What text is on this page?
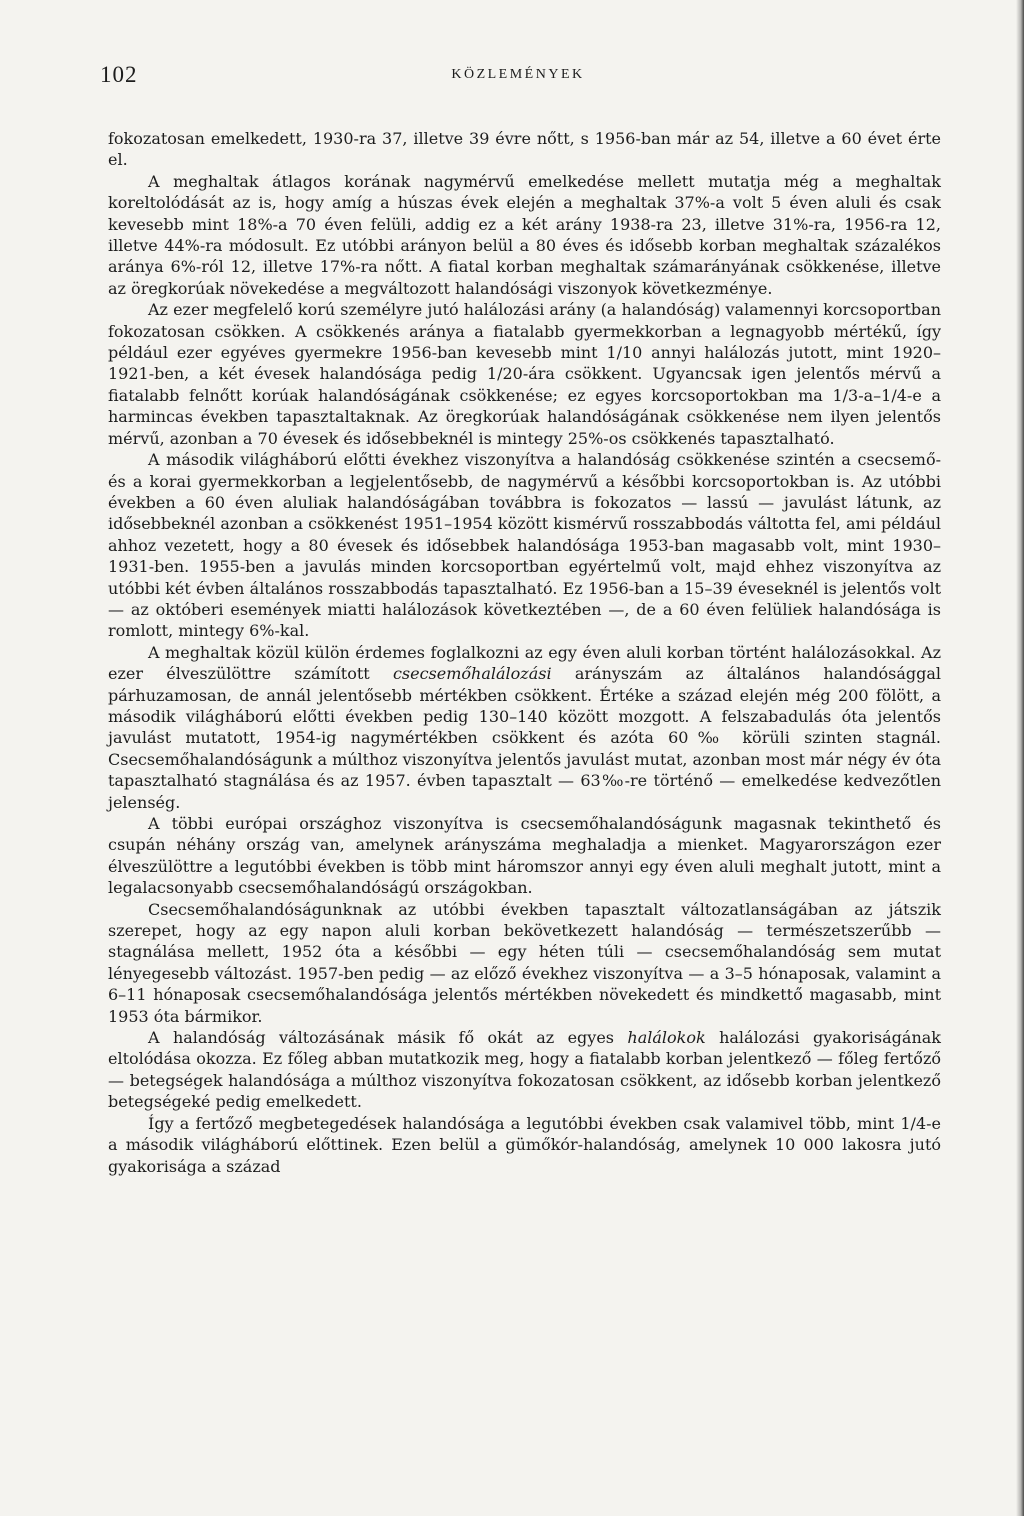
102	KÖZLEMÉNYEK

fokozatosan emelkedett, 1930-ra 37, illetve 39 évre nőtt, s 1956-ban már az 54, illetve a 60 évet érte el.

A meghaltak átlagos korának nagymérvű emelkedése mellett mutatja még a meghaltak koreltolódását az is, hogy amíg a húszas évek elején a meghaltak 37%-a volt 5 éven aluli és csak kevesebb mint 18%-a 70 éven felüli, addig ez a két arány 1938-ra 23, illetve 31%-ra, 1956-ra 12, illetve 44%-ra módosult. Ez utóbbi arányon belül a 80 éves és idősebb korban meghaltak százalékos aránya 6%-ról 12, illetve 17%-ra nőtt. A fiatal korban meghaltak számarányának csökkenése, illetve az öregkorúak növekedése a megváltozott halandósági viszonyok következménye.

Az ezer megfelelő korú személyre jutó halálozási arány (a halandóság) valamennyi korcsoportban fokozatosan csökken. A csökkenés aránya a fiatalabb gyermekkorban a legnagyobb mértékű, így például ezer egyéves gyermekre 1956-ban kevesebb mint 1/10 annyi halálozás jutott, mint 1920–1921-ben, a két évesek halandósága pedig 1/20-ára csökkent. Ugyancsak igen jelentős mérvű a fiatalabb felnőtt korúak halandóságának csökkenése; ez egyes korcsoportokban ma 1/3-a–1/4-e a harmincas években tapasztaltaknak. Az öregkorúak halandóságának csökkenése nem ilyen jelentős mérvű, azonban a 70 évesek és idősebbeknél is mintegy 25%-os csökkenés tapasztalható.

A második világháború előtti évekhez viszonyítva a halandóság csökkenése szintén a csecsemő- és a korai gyermekkorban a legjelentősebb, de nagymérvű a későbbi korcsoportokban is. Az utóbbi években a 60 éven aluliak halandóságában továbbra is fokozatos — lassú — javulást látunk, az idősebbeknél azonban a csökkenést 1951–1954 között kismérvű rosszabbodás váltotta fel, ami például ahhoz vezetett, hogy a 80 évesek és idősebbek halandósága 1953-ban magasabb volt, mint 1930–1931-ben. 1955-ben a javulás minden korcsoportban egyértelmű volt, majd ehhez viszonyítva az utóbbi két évben általános rosszabbodás tapasztalható. Ez 1956-ban a 15–39 éveseknél is jelentős volt — az októberi események miatti halálozások következtében —, de a 60 éven felüliek halandósága is romlott, mintegy 6%-kal.

A meghaltak közül külön érdemes foglalkozni az egy éven aluli korban történt halálozásokkal. Az ezer élveszülöttre számított csecsemőhalálozási arányszám az általános halandósággal párhuzamosan, de annál jelentősebb mértékben csökkent. Értéke a század elején még 200 fölött, a második világháború előtti években pedig 130–140 között mozgott. A felszabadulás óta jelentős javulást mutatott, 1954-ig nagymértékben csökkent és azóta 60‰ körüli szinten stagnál. Csecsemőhalandóságunk a múlthoz viszonyítva jelentős javulást mutat, azonban most már négy év óta tapasztalható stagnálása és az 1957. évben tapasztalt — 63‰-re történő — emelkedése kedvezőtlen jelenség.

A többi európai országhoz viszonyítva is csecsemőhalandóságunk magasnak tekinthető és csupán néhány ország van, amelynek arányszáma meghaladja a mienket. Magyarországon ezer élveszülöttre a legutóbbi években is több mint háromszor annyi egy éven aluli meghalt jutott, mint a legalacsonyabb csecsemőhalandóságú országokban.

Csecsemőhalandóságunknak az utóbbi években tapasztalt változatlanságában az játszik szerepet, hogy az egy napon aluli korban bekövetkezett halandóság — természetszerűbb — stagnálása mellett, 1952 óta a későbbi — egy héten túli — csecsemőhalandóság sem mutat lényegesebb változást. 1957-ben pedig — az előző évekhez viszonyítva — a 3–5 hónaposak, valamint a 6–11 hónaposak csecsemőhalandósága jelentős mértékben növekedett és mindkettő magasabb, mint 1953 óta bármikor.

A halandóság változásának másik fő okát az egyes halálokok halálozási gyakoriságának eltolódása okozza. Ez főleg abban mutatkozik meg, hogy a fiatalabb korban jelentkező — főleg fertőző — betegségek halandósága a múlthoz viszonyítva fokozatosan csökkent, az idősebb korban jelentkező betegségeké pedig emelkedett.

Így a fertőző megbetegedések halandósága a legutóbbi években csak valamivel több, mint 1/4-e a második világháború előttinek. Ezen belül a gümőkór-halandóság, amelynek 10 000 lakosra jutó gyakorisága a század
